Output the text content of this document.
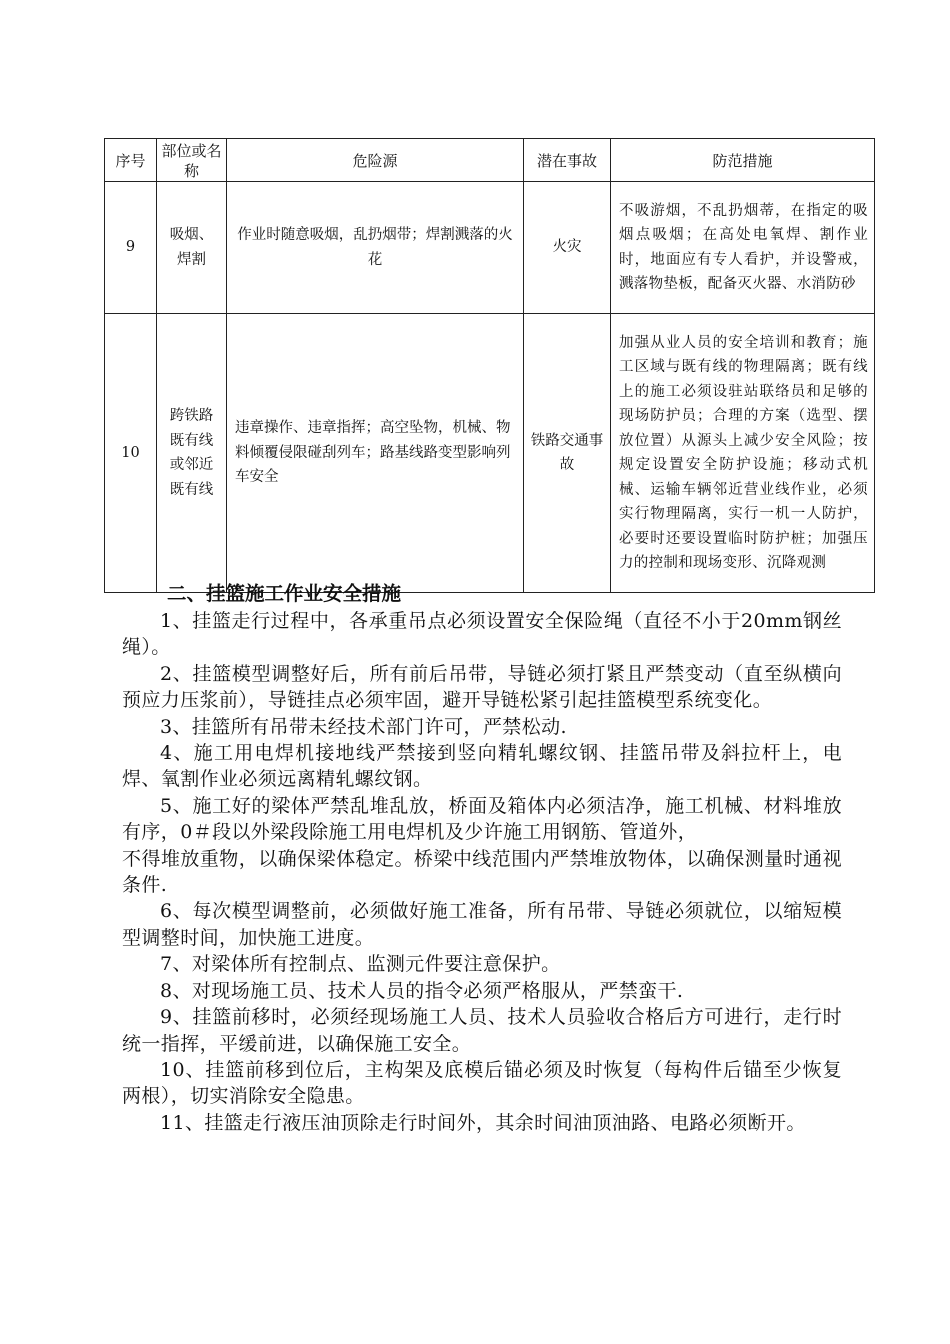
序号	部位或名称	危险源	潜在事故	防范措施
9	吸烟、焊割	作业时随意吸烟，乱扔烟带；焊割溅落的火花	火灾	不吸游烟，不乱扔烟蒂，在指定的吸烟点吸烟；在高处电氧焊、割作业时，地面应有专人看护，并设警戒，溅落物垫板，配备灭火器、水消防砂
10	跨铁路既有线或邻近既有线	违章操作、违章指挥；高空坠物，机械、物料倾覆侵限碰刮列车；路基线路变型影响列车安全	铁路交通事故	加强从业人员的安全培训和教育；施工区域与既有线的物理隔离；既有线上的施工必须设驻站联络员和足够的现场防护员；合理的方案（选型、摆放位置）从源头上减少安全风险；按规定设置安全防护设施；移动式机械、运输车辆邻近营业线作业，必须实行物理隔离，实行一机一人防护，必要时还要设置临时防护桩；加强压力的控制和现场变形、沉降观测
二、挂篮施工作业安全措施

1、挂篮走行过程中，各承重吊点必须设置安全保险绳（直径不小于20mm钢丝绳）。

2、挂篮模型调整好后，所有前后吊带，导链必须打紧且严禁变动（直至纵横向预应力压浆前），导链挂点必须牢固，避开导链松紧引起挂篮模型系统变化。

3、挂篮所有吊带未经技术部门许可，严禁松动.

4、施工用电焊机接地线严禁接到竖向精轧螺纹钢、挂篮吊带及斜拉杆上，电焊、氧割作业必须远离精轧螺纹钢。

5、施工好的梁体严禁乱堆乱放，桥面及箱体内必须洁净，施工机械、材料堆放有序，0＃段以外梁段除施工用电焊机及少许施工用钢筋、管道外，

不得堆放重物，以确保梁体稳定。桥梁中线范围内严禁堆放物体，以确保测量时通视条件.

6、每次模型调整前，必须做好施工准备，所有吊带、导链必须就位，以缩短模型调整时间，加快施工进度。

7、对梁体所有控制点、监测元件要注意保护。

8、对现场施工员、技术人员的指令必须严格服从，严禁蛮干.

9、挂篮前移时，必须经现场施工人员、技术人员验收合格后方可进行，走行时统一指挥，平缓前进，以确保施工安全。

10、挂篮前移到位后，主构架及底模后锚必须及时恢复（每构件后锚至少恢复两根），切实消除安全隐患。

11、挂篮走行液压油顶除走行时间外，其余时间油顶油路、电路必须断开。
